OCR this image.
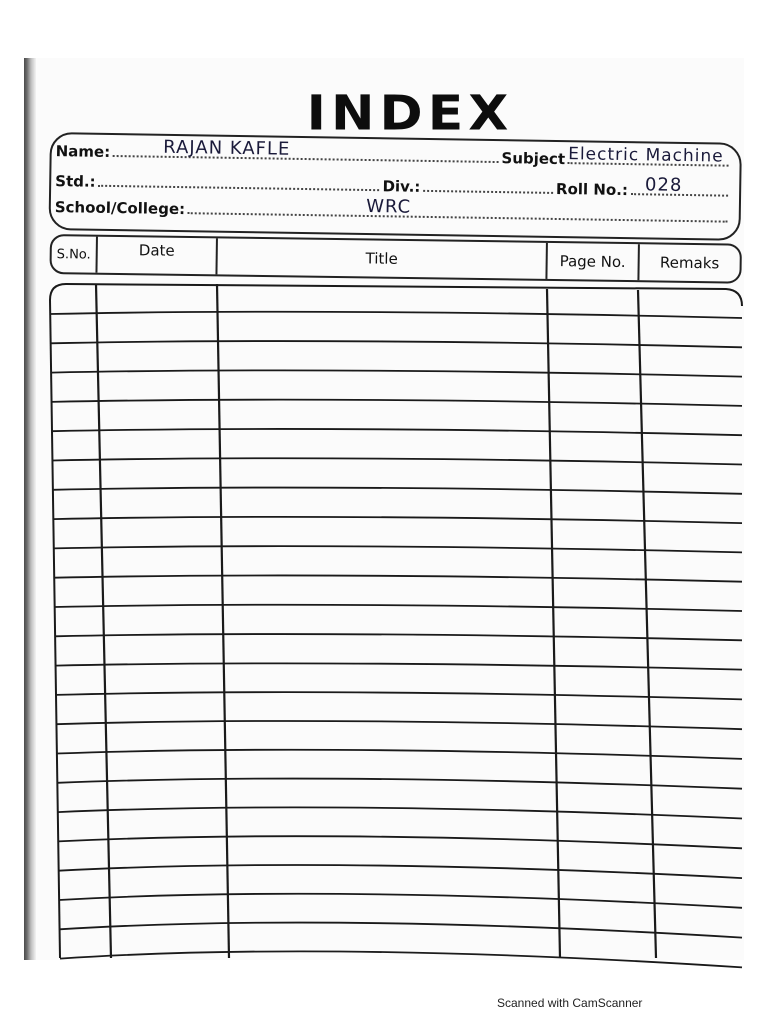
INDEX
Name:	RAJAN KAFLE	Subject Electric Machine
Std.:	Div.:	Roll No.: 028
School/College:	WRC
S.No.	Date	Title	Page No.	Remaks
Scanned with CamScanner
